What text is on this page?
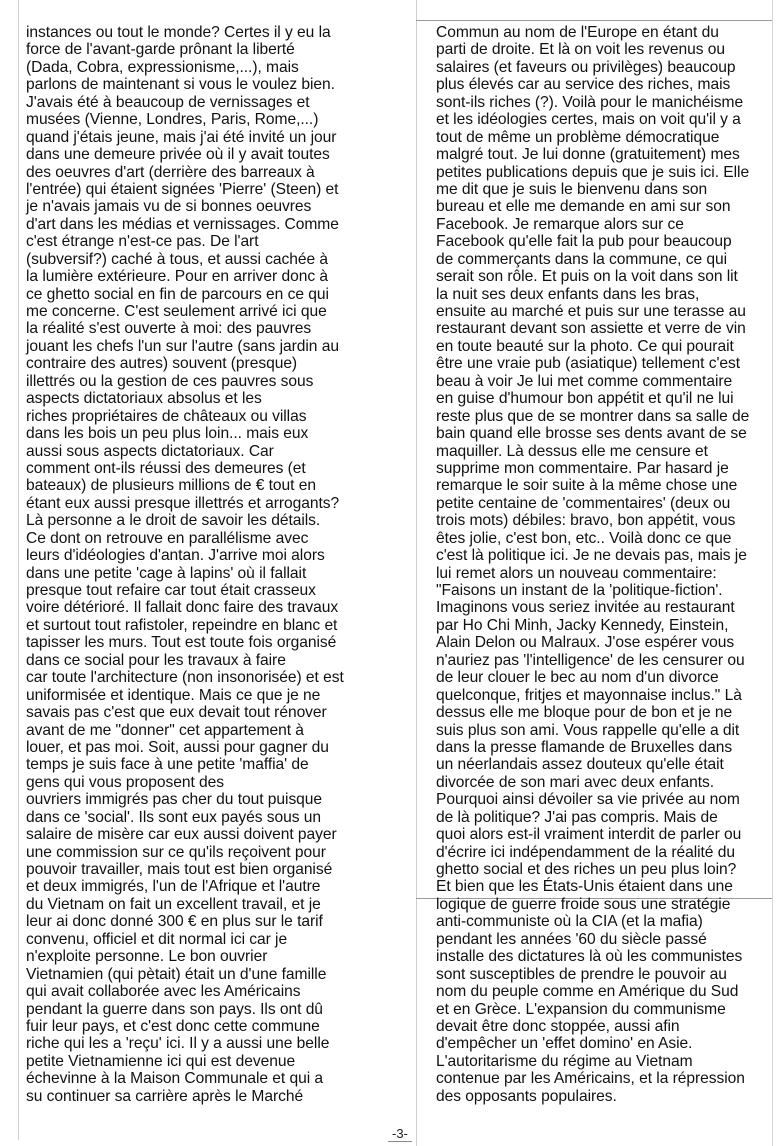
instances ou tout le monde? Certes il y eu la
force de l'avant-garde prônant la liberté
(Dada, Cobra, expressionisme,...), mais
parlons de maintenant si vous le voulez bien.
J'avais été à beaucoup de vernissages et
musées (Vienne, Londres, Paris, Rome,...)
quand j'étais jeune, mais j'ai été invité un jour
dans une demeure privée où il y avait toutes
des oeuvres d'art (derrière des barreaux à
l'entrée) qui étaient signées 'Pierre' (Steen) et
je n'avais jamais vu de si bonnes oeuvres
d'art dans les médias et vernissages. Comme
c'est étrange n'est-ce pas. De l'art
(subversif?) caché à tous, et aussi cachée à
la lumière extérieure. Pour en arriver donc à
ce ghetto social en fin de parcours en ce qui
me concerne. C'est seulement arrivé ici que
la réalité s'est ouverte à moi: des pauvres
jouant les chefs l'un sur l'autre (sans jardin au
contraire des autres) souvent (presque)
illettrés ou la gestion de ces pauvres sous
aspects dictatoriaux absolus et les
riches propriétaires de châteaux ou villas
dans les bois un peu plus loin... mais eux
aussi sous aspects dictatoriaux. Car
comment ont-ils réussi des demeures (et
bateaux) de plusieurs millions de € tout en
étant eux aussi presque illettrés et arrogants?
Là personne a le droit de savoir les détails.
Ce dont on retrouve en parallélisme avec
leurs d'idéologies d'antan. J'arrive moi alors
dans une petite 'cage à lapins' où il fallait
presque tout refaire car tout était crasseux
voire détérioré. Il fallait donc faire des travaux
et surtout tout rafistoler, repeindre en blanc et
tapisser les murs. Tout est toute fois organisé
dans ce social pour les travaux à faire
car toute l'architecture (non insonorisée) et est
uniformisée et identique. Mais ce que je ne
savais pas c'est que eux devait tout rénover
avant de me "donner" cet appartement à
louer, et pas moi. Soit, aussi pour gagner du
temps je suis face à une petite 'maffia' de
gens qui vous proposent des
ouvriers immigrés pas cher du tout puisque
dans ce 'social'. Ils sont eux payés sous un
salaire de misère car eux aussi doivent payer
une commission sur ce qu'ils reçoivent pour
pouvoir travailler, mais tout est bien organisé
et deux immigrés, l'un de l'Afrique et l'autre
du Vietnam on fait un excellent travail, et je
leur ai donc donné 300 € en plus sur le tarif
convenu, officiel et dit normal ici car je
n'exploite personne. Le bon ouvrier
Vietnamien (qui pètait) était un d'une famille
qui avait collaborée avec les Américains
pendant la guerre dans son pays. Ils ont dû
fuir leur pays, et c'est donc cette commune
riche qui les a 'reçu' ici. Il y a aussi une belle
petite Vietnamienne ici qui est devenue
échevinne à la Maison Communale et qui a
su continuer sa carrière après le Marché
Commun au nom de l'Europe en étant du
parti de droite. Et là on voit les revenus ou
salaires (et faveurs ou privilèges) beaucoup
plus élevés car au service des riches, mais
sont-ils riches (?). Voilà pour le manichéisme
et les idéologies certes, mais on voit qu'il y a
tout de même un problème démocratique
malgré tout. Je lui donne (gratuitement) mes
petites publications depuis que je suis ici. Elle
me dit que je suis le bienvenu dans son
bureau et elle me demande en ami sur son
Facebook. Je remarque alors sur ce
Facebook qu'elle fait la pub pour beaucoup
de commerçants dans la commune, ce qui
serait son rôle. Et puis on la voit dans son lit
la nuit ses deux enfants dans les bras,
ensuite au marché et puis sur une terasse au
restaurant devant son assiette et verre de vin
en toute beauté sur la photo. Ce qui pourait
être une vraie pub (asiatique) tellement c'est
beau à voir Je lui met comme commentaire
en guise d'humour bon appétit et qu'il ne lui
reste plus que de se montrer dans sa salle de
bain quand elle brosse ses dents avant de se
maquiller. Là dessus elle me censure et
supprime mon commentaire. Par hasard je
remarque le soir suite à la même chose une
petite centaine de 'commentaires' (deux ou
trois mots) débiles: bravo, bon appétit, vous
êtes jolie, c'est bon, etc.. Voilà donc ce que
c'est là politique ici. Je ne devais pas, mais je
lui remet alors un nouveau commentaire:
"Faisons un instant de la 'politique-fiction'.
Imaginons vous seriez invitée au restaurant
par Ho Chi Minh, Jacky Kennedy, Einstein,
Alain Delon ou Malraux. J'ose espérer vous
n'auriez pas 'l'intelligence' de les censurer ou
de leur clouer le bec au nom d'un divorce
quelconque, fritjes et mayonnaise inclus." Là
dessus elle me bloque pour de bon et je ne
suis plus son ami. Vous rappelle qu'elle a dit
dans la presse flamande de Bruxelles dans
un néerlandais assez douteux qu'elle était
divorcée de son mari avec deux enfants.
Pourquoi ainsi dévoiler sa vie privée au nom
de là politique? J'ai pas compris. Mais de
quoi alors est-il vraiment interdit de parler ou
d'écrire ici indépendamment de la réalité du
ghetto social et des riches un peu plus loin?
Et bien que les États-Unis étaient dans une
logique de guerre froide sous une stratégie
anti-communiste où la CIA (et la mafia)
pendant les années '60 du siècle passé
installe des dictatures là où les communistes
sont susceptibles de prendre le pouvoir au
nom du peuple comme en Amérique du Sud
et en Grèce. L'expansion du communisme
devait être donc stoppée, aussi afin
d'empêcher un 'effet domino' en Asie.
L'autoritarisme du régime au Vietnam
contenue par les Américains, et la répression
des opposants populaires.
-3-
